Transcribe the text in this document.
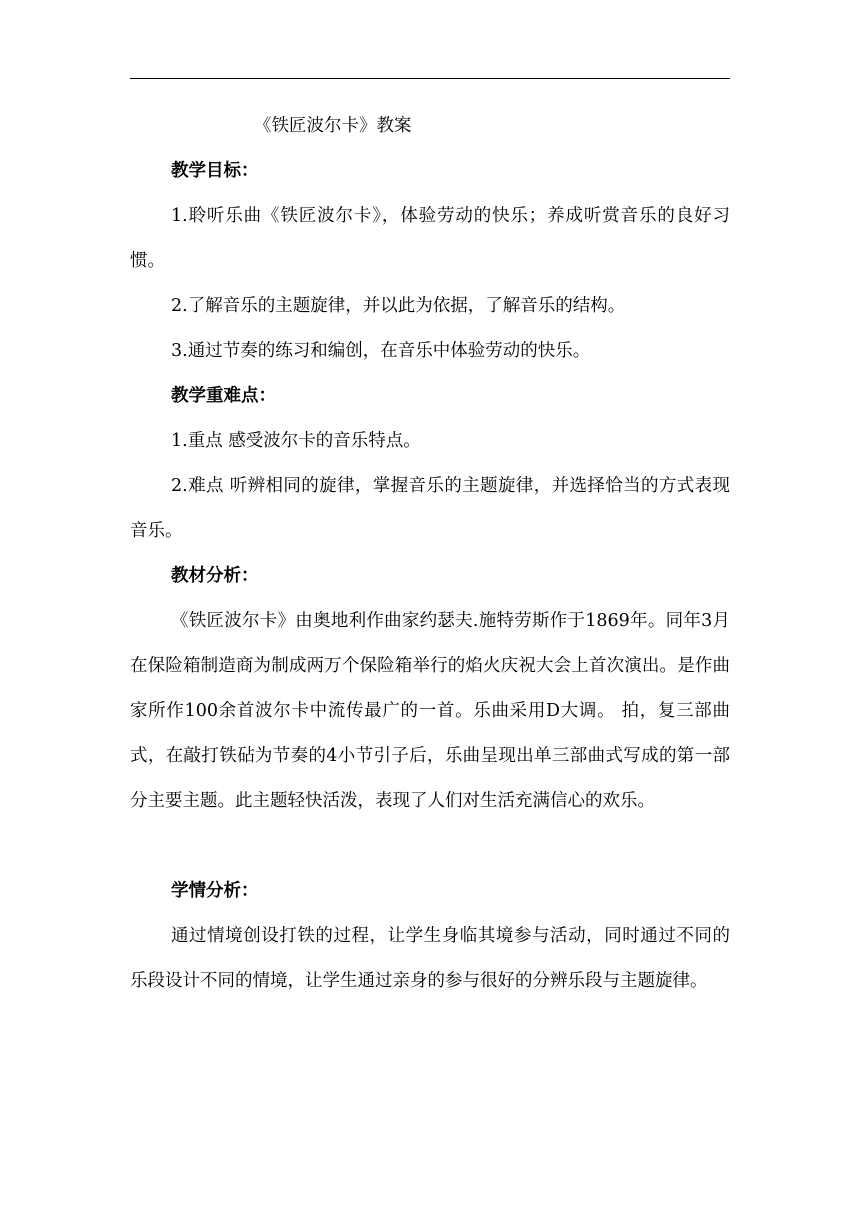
《铁匠波尔卡》教案

教学目标：

1.聆听乐曲《铁匠波尔卡》，体验劳动的快乐；养成听赏音乐的良好习惯。

2.了解音乐的主题旋律，并以此为依据，了解音乐的结构。

3.通过节奏的练习和编创，在音乐中体验劳动的快乐。

教学重难点：

1.重点 感受波尔卡的音乐特点。

2.难点 听辨相同的旋律，掌握音乐的主题旋律，并选择恰当的方式表现音乐。

教材分析：

《铁匠波尔卡》由奥地利作曲家约瑟夫.施特劳斯作于1869年。同年3月在保险箱制造商为制成两万个保险箱举行的焰火庆祝大会上首次演出。是作曲家所作100余首波尔卡中流传最广的一首。乐曲采用D大调。 拍，复三部曲式，在敲打铁砧为节奏的4小节引子后，乐曲呈现出单三部曲式写成的第一部分主要主题。此主题轻快活泼，表现了人们对生活充满信心的欢乐。

学情分析：

通过情境创设打铁的过程，让学生身临其境参与活动，同时通过不同的乐段设计不同的情境，让学生通过亲身的参与很好的分辨乐段与主题旋律。
